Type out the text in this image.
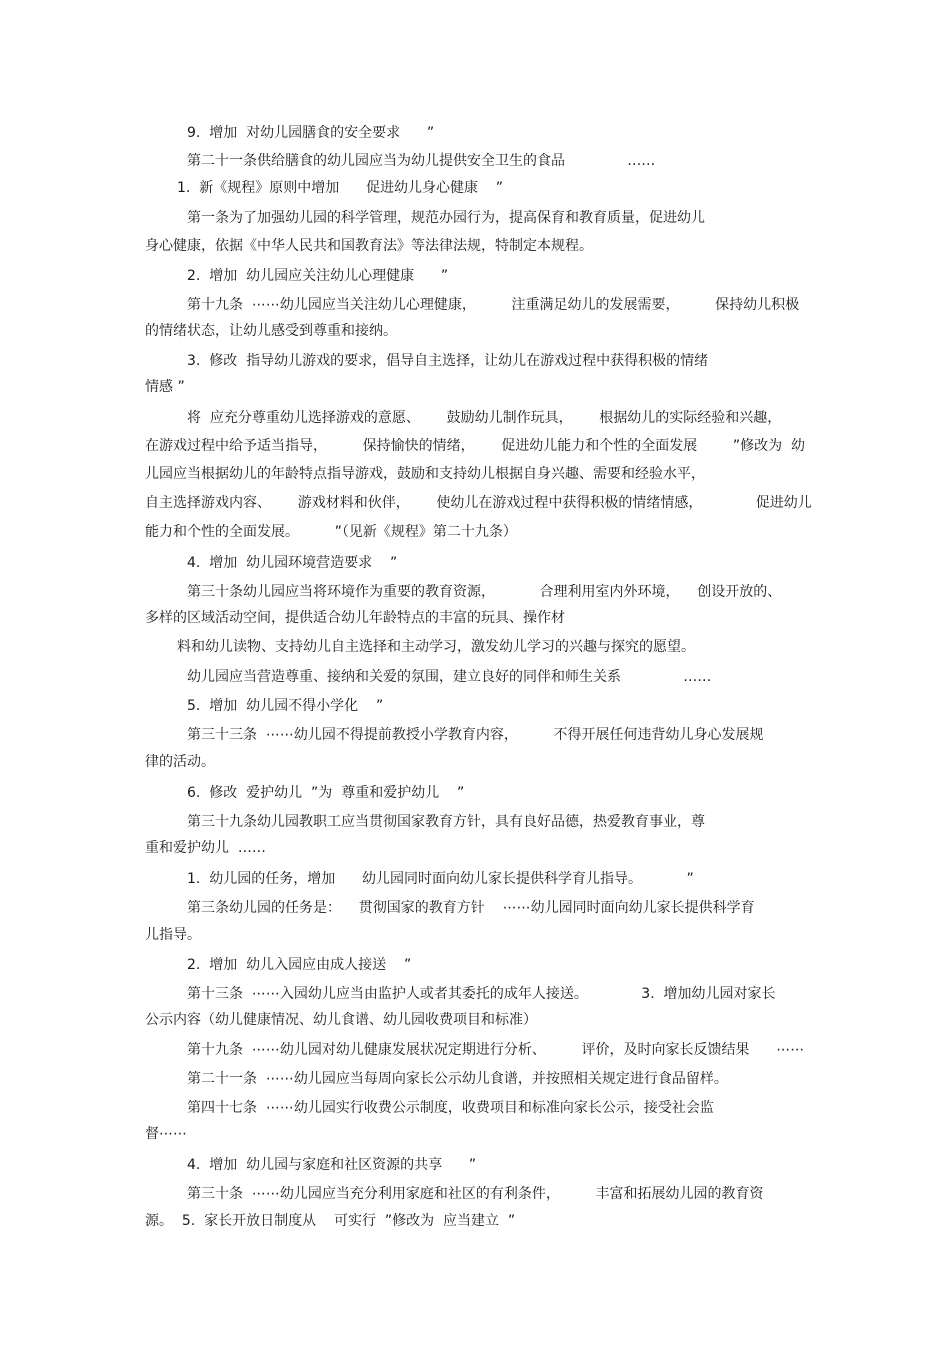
9.  增加  对幼儿园膳食的安全要求      ”
第二十一条供给膳食的幼儿园应当为幼儿提供安全卫生的食品              ……
1.  新《规程》原则中增加      促进幼儿身心健康    ”
第一条为了加强幼儿园的科学管理，规范办园行为，提高保育和教育质量，促进幼儿
身心健康，依据《中华人民共和国教育法》等法律法规，特制定本规程。
2.  增加  幼儿园应关注幼儿心理健康      ”
第十九条  ⋯⋯幼儿园应当关注幼儿心理健康，        注重满足幼儿的发展需要，        保持幼儿积极
的情绪状态，让幼儿感受到尊重和接纳。
3.  修改  指导幼儿游戏的要求，倡导自主选择，让幼儿在游戏过程中获得积极的情绪
情感 ”
将  应充分尊重幼儿选择游戏的意愿、      鼓励幼儿制作玩具，      根据幼儿的实际经验和兴趣，
在游戏过程中给予适当指导，        保持愉快的情绪，      促进幼儿能力和个性的全面发展        ”修改为  幼
儿园应当根据幼儿的年龄特点指导游戏，鼓励和支持幼儿根据自身兴趣、需要和经验水平，
自主选择游戏内容、      游戏材料和伙伴，      使幼儿在游戏过程中获得积极的情绪情感，            促进幼儿
能力和个性的全面发展。        ”（见新《规程》第二十九条）
4.  增加  幼儿园环境营造要求    ”
第三十条幼儿园应当将环境作为重要的教育资源，          合理利用室内外环境，    创设开放的、
多样的区域活动空间，提供适合幼儿年龄特点的丰富的玩具、操作材
料和幼儿读物、支持幼儿自主选择和主动学习，激发幼儿学习的兴趣与探究的愿望。
幼儿园应当营造尊重、接纳和关爱的氛围，建立良好的同伴和师生关系              ……
5.  增加  幼儿园不得小学化    ”
第三十三条  ⋯⋯幼儿园不得提前教授小学教育内容，        不得开展任何违背幼儿身心发展规
律的活动。
6.  修改  爱护幼儿  ”为  尊重和爱护幼儿    ”
第三十九条幼儿园教职工应当贯彻国家教育方针，具有良好品德，热爱教育事业，尊
重和爱护幼儿  ……
1.  幼儿园的任务，增加      幼儿园同时面向幼儿家长提供科学育儿指导。          ”
第三条幼儿园的任务是：    贯彻国家的教育方针    ⋯⋯幼儿园同时面向幼儿家长提供科学育
儿指导。
2.  增加  幼儿入园应由成人接送    ”
第十三条  ⋯⋯入园幼儿应当由监护人或者其委托的成年人接送。            3.  增加幼儿园对家长
公示内容（幼儿健康情况、幼儿食谱、幼儿园收费项目和标准）
第十九条  ⋯⋯幼儿园对幼儿健康发展状况定期进行分析、        评价，及时向家长反馈结果      ⋯⋯
第二十一条  ⋯⋯幼儿园应当每周向家长公示幼儿食谱，并按照相关规定进行食品留样。
第四十七条  ⋯⋯幼儿园实行收费公示制度，收费项目和标准向家长公示，接受社会监
督⋯⋯
4.  增加  幼儿园与家庭和社区资源的共享      ”
第三十条  ⋯⋯幼儿园应当充分利用家庭和社区的有利条件，        丰富和拓展幼儿园的教育资
源。  5.  家长开放日制度从    可实行  ”修改为  应当建立  ”
